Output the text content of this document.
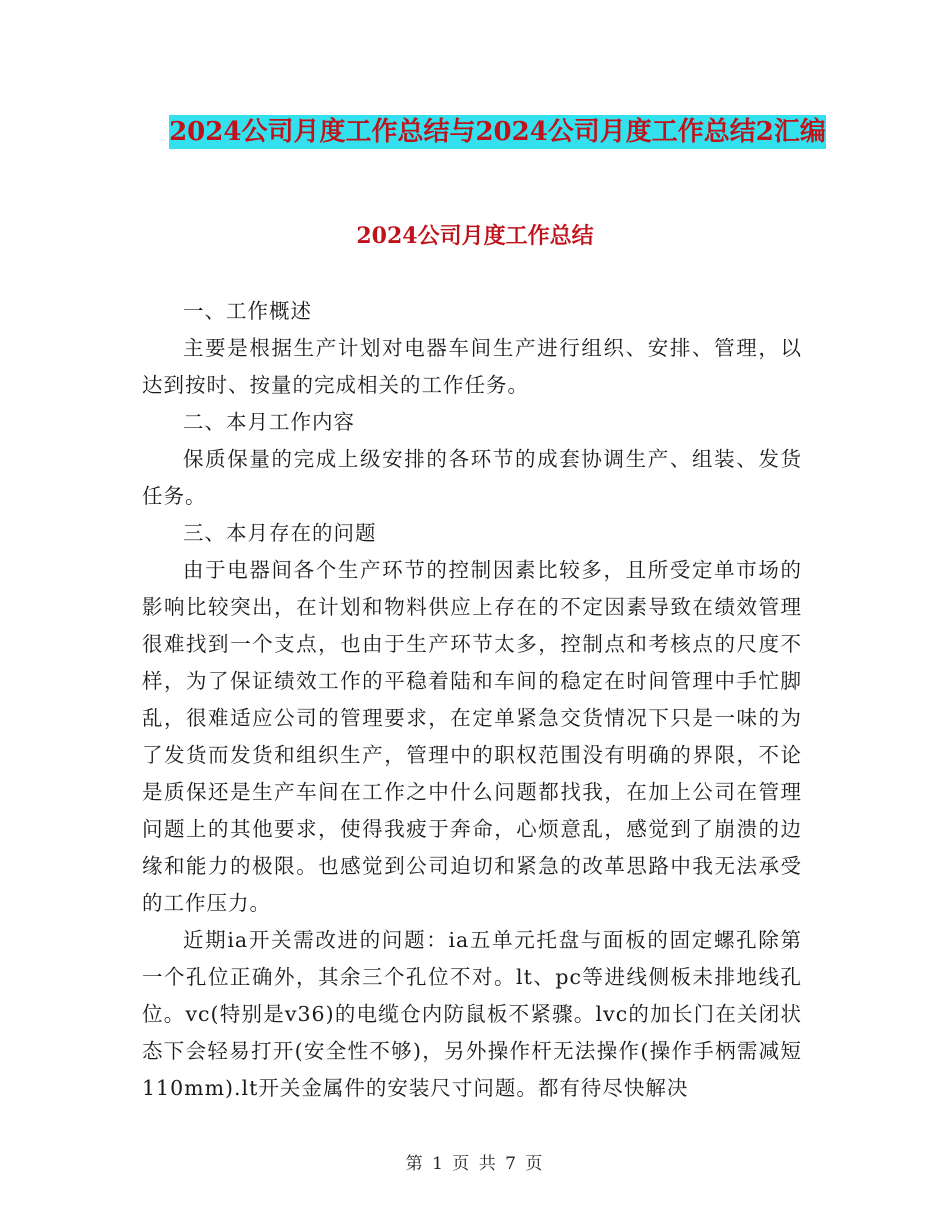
2024公司月度工作总结与2024公司月度工作总结2汇编
2024公司月度工作总结

一、工作概述

主要是根据生产计划对电器车间生产进行组织、安排、管理，以达到按时、按量的完成相关的工作任务。

二、本月工作内容

保质保量的完成上级安排的各环节的成套协调生产、组装、发货任务。

三、本月存在的问题

由于电器间各个生产环节的控制因素比较多，且所受定单市场的影响比较突出，在计划和物料供应上存在的不定因素导致在绩效管理很难找到一个支点，也由于生产环节太多，控制点和考核点的尺度不样，为了保证绩效工作的平稳着陆和车间的稳定在时间管理中手忙脚乱，很难适应公司的管理要求，在定单紧急交货情况下只是一味的为了发货而发货和组织生产，管理中的职权范围没有明确的界限，不论是质保还是生产车间在工作之中什么问题都找我，在加上公司在管理问题上的其他要求，使得我疲于奔命，心烦意乱，感觉到了崩溃的边缘和能力的极限。也感觉到公司迫切和紧急的改革思路中我无法承受的工作压力。

近期ia开关需改进的问题：ia五单元托盘与面板的固定螺孔除第一个孔位正确外，其余三个孔位不对。lt、pc等进线侧板未排地线孔位。vc(特别是v36)的电缆仓内防鼠板不紧骤。lvc的加长门在关闭状态下会轻易打开(安全性不够)，另外操作杆无法操作(操作手柄需减短110mm).lt开关金属件的安装尺寸问题。都有待尽快解决

第 1 页 共 7 页
